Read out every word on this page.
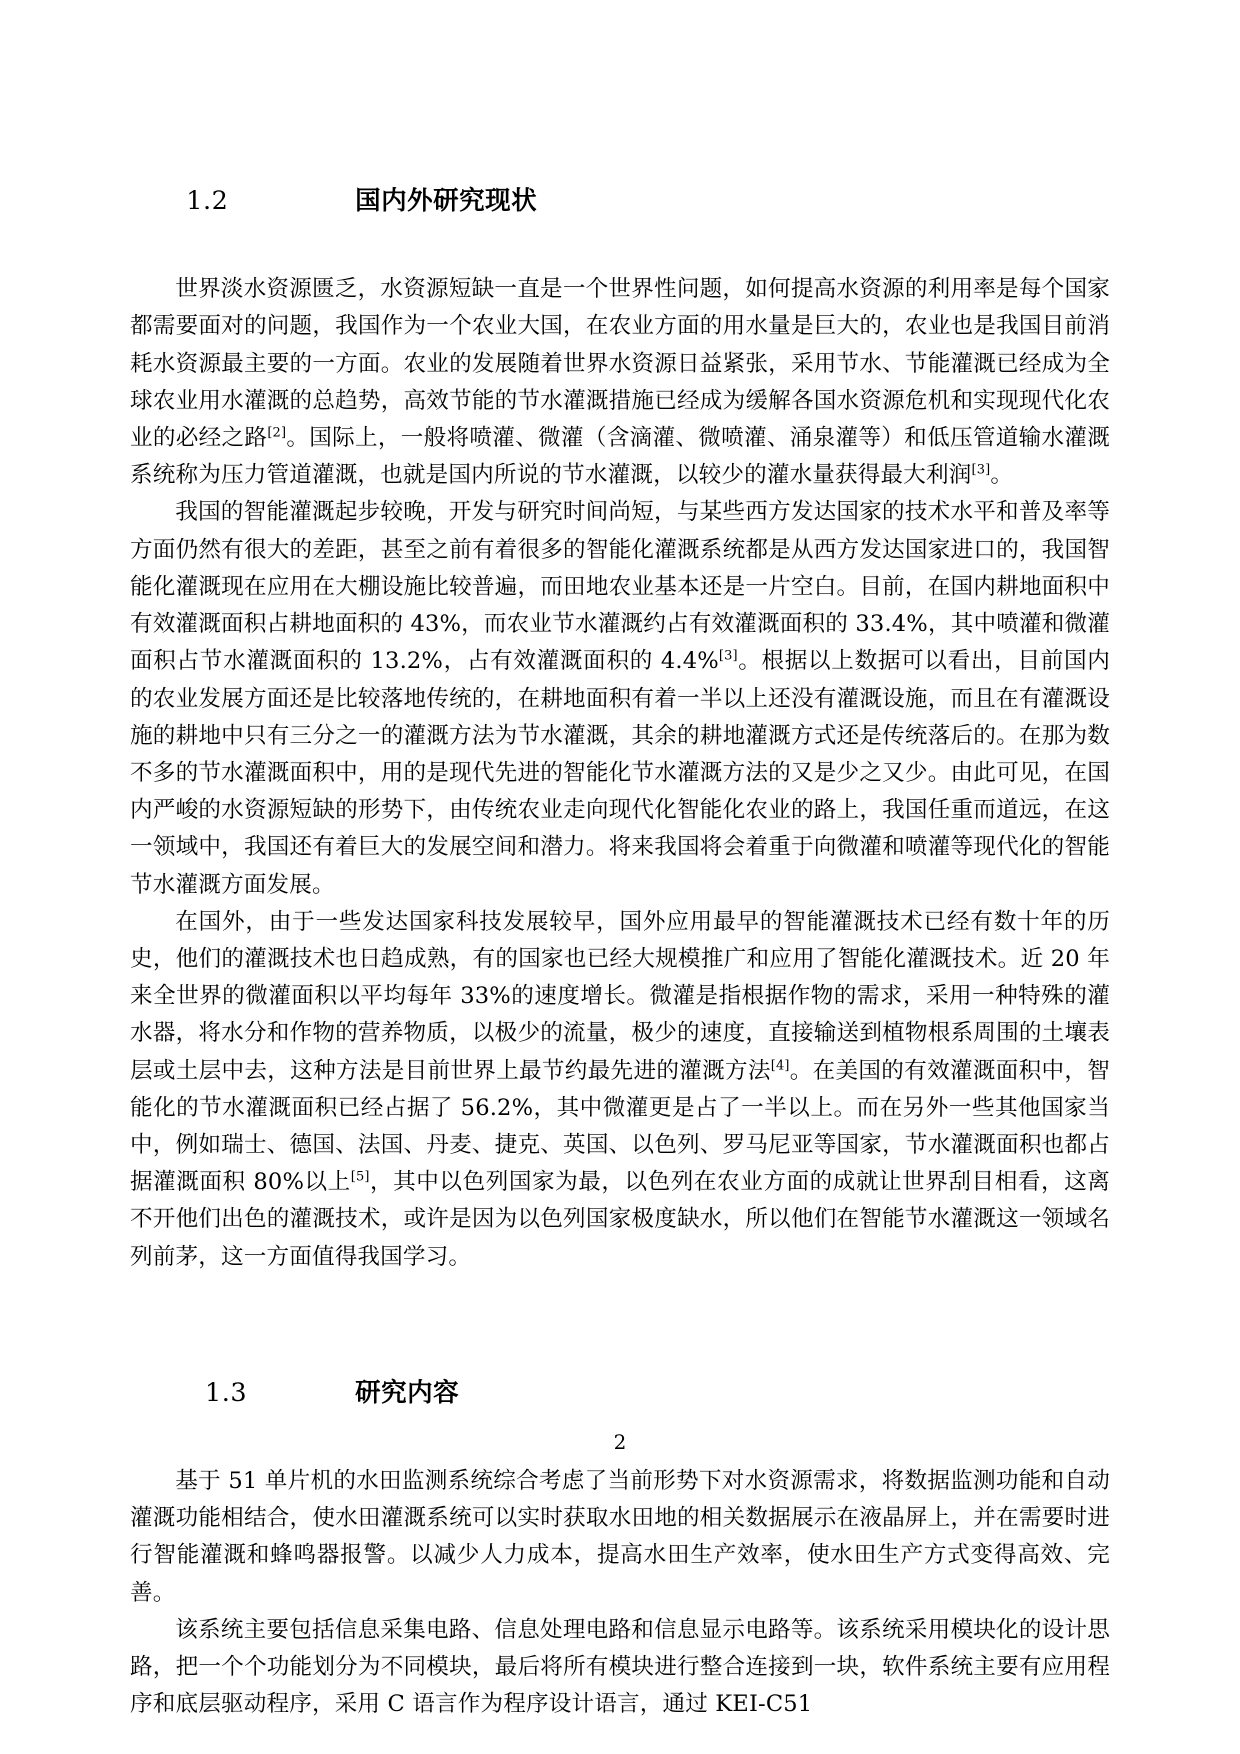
1.2			国内外研究现状

世界淡水资源匮乏，水资源短缺一直是一个世界性问题，如何提高水资源的利用率是每个国家都需要面对的问题，我国作为一个农业大国，在农业方面的用水量是巨大的，农业也是我国目前消耗水资源最主要的一方面。农业的发展随着世界水资源日益紧张，采用节水、节能灌溉已经成为全球农业用水灌溉的总趋势，高效节能的节水灌溉措施已经成为缓解各国水资源危机和实现现代化农业的必经之路[2]。国际上，一般将喷灌、微灌（含滴灌、微喷灌、涌泉灌等）和低压管道输水灌溉系统称为压力管道灌溉，也就是国内所说的节水灌溉，以较少的灌水量获得最大利润[3]。

我国的智能灌溉起步较晚，开发与研究时间尚短，与某些西方发达国家的技术水平和普及率等方面仍然有很大的差距，甚至之前有着很多的智能化灌溉系统都是从西方发达国家进口的，我国智能化灌溉现在应用在大棚设施比较普遍，而田地农业基本还是一片空白。目前，在国内耕地面积中有效灌溉面积占耕地面积的 43%，而农业节水灌溉约占有效灌溉面积的 33.4%，其中喷灌和微灌面积占节水灌溉面积的 13.2%，占有效灌溉面积的 4.4%[3]。根据以上数据可以看出，目前国内的农业发展方面还是比较落地传统的，在耕地面积有着一半以上还没有灌溉设施，而且在有灌溉设施的耕地中只有三分之一的灌溉方法为节水灌溉，其余的耕地灌溉方式还是传统落后的。在那为数不多的节水灌溉面积中，用的是现代先进的智能化节水灌溉方法的又是少之又少。由此可见，在国内严峻的水资源短缺的形势下，由传统农业走向现代化智能化农业的路上，我国任重而道远，在这一领域中，我国还有着巨大的发展空间和潜力。将来我国将会着重于向微灌和喷灌等现代化的智能节水灌溉方面发展。

在国外，由于一些发达国家科技发展较早，国外应用最早的智能灌溉技术已经有数十年的历史，他们的灌溉技术也日趋成熟，有的国家也已经大规模推广和应用了智能化灌溉技术。近 20 年来全世界的微灌面积以平均每年 33%的速度增长。微灌是指根据作物的需求，采用一种特殊的灌水器，将水分和作物的营养物质，以极少的流量，极少的速度，直接输送到植物根系周围的土壤表层或土层中去，这种方法是目前世界上最节约最先进的灌溉方法[4]。在美国的有效灌溉面积中，智能化的节水灌溉面积已经占据了 56.2%，其中微灌更是占了一半以上。而在另外一些其他国家当中，例如瑞士、德国、法国、丹麦、捷克、英国、以色列、罗马尼亚等国家，节水灌溉面积也都占据灌溉面积 80%以上[5]，其中以色列国家为最，以色列在农业方面的成就让世界刮目相看，这离不开他们出色的灌溉技术，或许是因为以色列国家极度缺水，所以他们在智能节水灌溉这一领域名列前茅，这一方面值得我国学习。

1.3			研究内容

基于 51 单片机的水田监测系统综合考虑了当前形势下对水资源需求，将数据监测功能和自动灌溉功能相结合，使水田灌溉系统可以实时获取水田地的相关数据展示在液晶屏上，并在需要时进行智能灌溉和蜂鸣器报警。以减少人力成本，提高水田生产效率，使水田生产方式变得高效、完善。

该系统主要包括信息采集电路、信息处理电路和信息显示电路等。该系统采用模块化的设计思路，把一个个功能划分为不同模块，最后将所有模块进行整合连接到一块，软件系统主要有应用程序和底层驱动程序，采用 C 语言作为程序设计语言，通过 KEI-C51

2
